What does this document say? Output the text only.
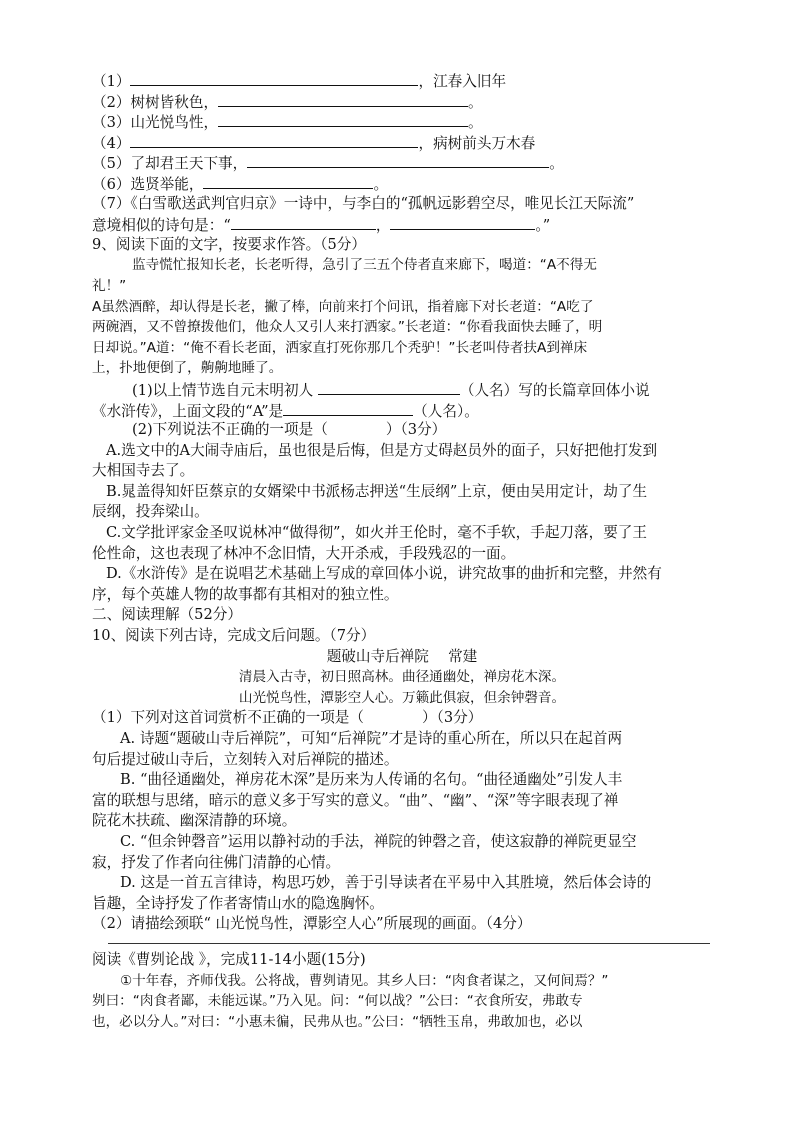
（1）	，江春入旧年
（2）树树皆秋色，	。
（3）山光悦鸟性，	。
（4）	，病树前头万木春
（5）了却君王天下事，	。
（6）选贤举能，	。
（7）《白雪歌送武判官归京》一诗中，与李白的“孤帆远影碧空尽，唯见长江天际流”
意境相似的诗句是：“	，	。”
9、阅读下面的文字，按要求作答。（5分）
监寺慌忙报知长老，长老听得，急引了三五个侍者直来廊下，喝道：“A不得无
礼！”
A虽然酒醉，却认得是长老，撇了棒，向前来打个问讯，指着廊下对长老道：“A吃了
两碗酒，又不曾撩拨他们，他众人又引人来打洒家。”长老道：“你看我面快去睡了，明
日却说。”A道：“俺不看长老面，洒家直打死你那几个秃驴！”长老叫侍者扶A到禅床
上，扑地便倒了，齁齁地睡了。
(1)以上情节选自元末明初人	（人名）写的长篇章回体小说
《水浒传》，上面文段的“A”是	（人名）。
(2)下列说法不正确的一项是（	）（3分）
A.选文中的A大闹寺庙后，虽也很是后悔，但是方丈碍赵员外的面子，只好把他打发到
大相国寺去了。
B.晁盖得知奸臣蔡京的女婿梁中书派杨志押送“生辰纲”上京，便由吴用定计，劫了生
辰纲，投奔梁山。
C.文学批评家金圣叹说林冲“做得彻”，如火并王伦时，毫不手软，手起刀落，要了王
伦性命，这也表现了林冲不念旧情，大开杀戒，手段残忍的一面。
D.《水浒传》是在说唱艺术基础上写成的章回体小说，讲究故事的曲折和完整，井然有
序，每个英雄人物的故事都有其相对的独立性。
二、阅读理解（52分）
10、阅读下列古诗，完成文后问题。（7分）
题破山寺后禅院　 常建
清晨入古寺，初日照高林。曲径通幽处，禅房花木深。
山光悦鸟性，潭影空人心。万籁此俱寂，但余钟磬音。
（1）下列对这首词赏析不正确的一项是（	）（3分）
A. 诗题“题破山寺后禅院”，可知“后禅院”才是诗的重心所在，所以只在起首两
句后提过破山寺后，立刻转入对后禅院的描述。
B. “曲径通幽处，禅房花木深”是历来为人传诵的名句。“曲径通幽处”引发人丰
富的联想与思绪，暗示的意义多于写实的意义。“曲”、“幽”、“深”等字眼表现了禅
院花木扶疏、幽深清静的环境。
C. “但余钟磬音”运用以静衬动的手法，禅院的钟磬之音，使这寂静的禅院更显空
寂，抒发了作者向往佛门清静的心情。
D. 这是一首五言律诗，构思巧妙，善于引导读者在平易中入其胜境，然后体会诗的
旨趣，全诗抒发了作者寄情山水的隐逸胸怀。
（2）请描绘颈联“ 山光悦鸟性，潭影空人心”所展现的画面。（4分）
阅读《曹刿论战 》，完成11-14小题(15分)
①十年春，齐师伐我。公将战，曹刿请见。其乡人曰：“肉食者谋之，又何间焉？”
刿曰：“肉食者鄙，未能远谋。”乃入见。问：“何以战？”公曰：“衣食所安，弗敢专
也，必以分人。”对曰：“小惠未徧，民弗从也。”公曰：“牺牲玉帛，弗敢加也，必以
